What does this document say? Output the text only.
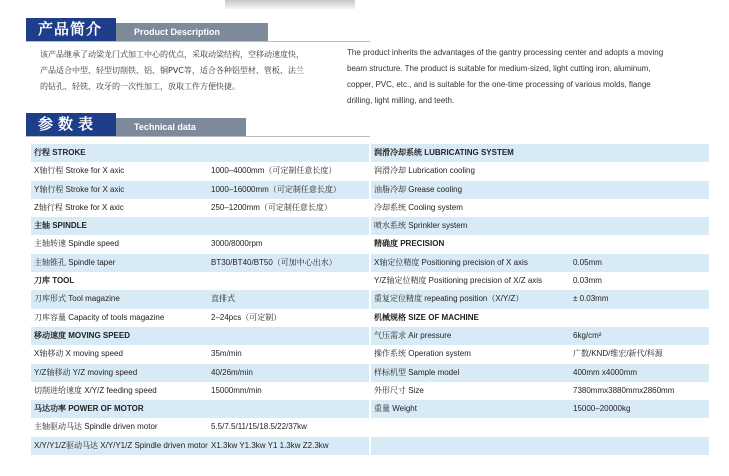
产品简介	Product Description
该产品继承了动梁龙门式加工中心的优点，采取动梁结构，空移动速度快，
产品适合中型、轻型切削铁、铝、铜PVC等，适合各种铝型材、管板、法兰
的钻孔、轻铣、攻牙的一次性加工，放取工件方便快捷。
The product inherits the advantages of the gantry processing center and adopts a moving
beam structure. The product is suitable for medium-sized, light cutting iron, aluminum,
copper, PVC, etc., and is suitable for the one-time processing of various molds, flange
drilling, light milling, and teeth.
参数表	Technical data
行程 STROKE
X轴行程 Stroke for X axic	1000–4000mm（可定制任意长度）
Y轴行程 Stroke for X axic	1000–16000mm（可定制任意长度）
Z轴行程 Stroke for X axic	250–1200mm（可定制任意长度）
主轴 SPINDLE
主轴转速 Spindle speed	3000/8000rpm
主轴锥孔 Spindle taper	BT30/BT40/BT50（可加中心出水）
刀库 TOOL
刀库形式 Tool magazine	直排式
刀库容量 Capacity of tools magazine	2–24pcs（可定制）
移动速度 MOVING SPEED
X轴移动 X moving speed	35m/min
Y/Z轴移动 Y/Z moving speed	40/26m/min
切削进给速度 X/Y/Z feeding speed	15000mm/min
马达功率 POWER OF MOTOR
主轴驱动马达 Spindle driven motor	5.5/7.5/11/15/18.5/22/37kw
X/Y/Y1/Z驱动马达 X/Y/Y1/Z Spindle driven motor X1.3kw Y1.3kw Y1 1.3kw Z2.3kw
润滑冷却系统 LUBRICATING SYSTEM
润滑冷却 Lubrication cooling
油脂冷却 Grease cooling
冷却系统 Cooling system
喷水系统 Sprinkler system
精确度 PRECISION
X轴定位精度 Positioning precision of X axis	0.05mm
Y/Z轴定位精度 Positioning precision of X/Z axis	0.03mm
重复定位精度 repeating position（X/Y/Z）	± 0.03mm
机械规格 SIZE OF MACHINE
气压需求 Air pressure	6kg/cm²
操作系统 Operation system	广数/KND/维宏/新代/科源
样标机型 Sample model	400mm x4000mm
外形尺寸 Size	7380mmx3880mmx2860mm
重量 Weight	15000–20000kg
